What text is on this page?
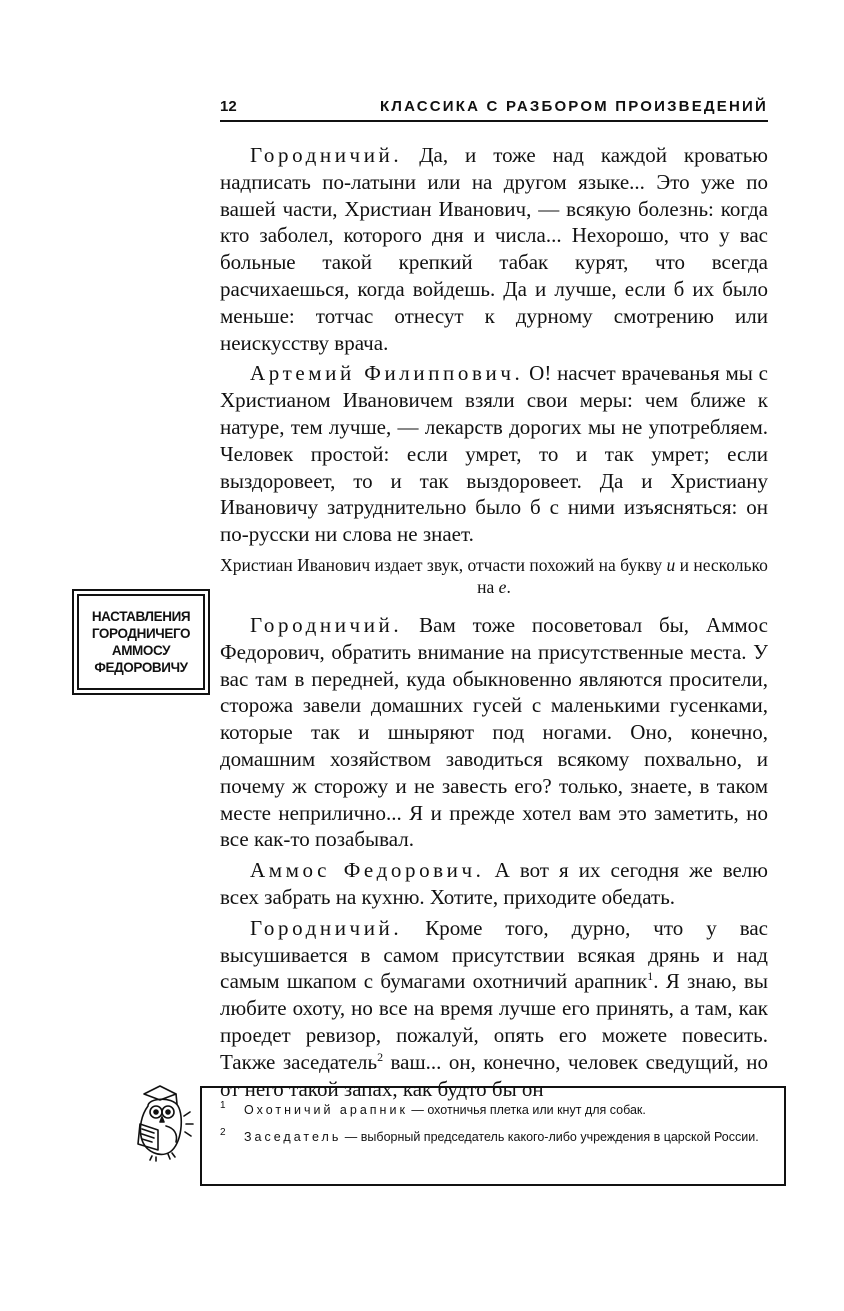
12	КЛАССИКА С РАЗБОРОМ ПРОИЗВЕДЕНИЙ

Городничий. Да, и тоже над каждой кроватью надписать по-латыни или на другом языке... Это уже по вашей части, Христиан Иванович, — всякую болезнь: когда кто заболел, которого дня и числа... Нехорошо, что у вас больные такой крепкий табак курят, что всегда расчихаешься, когда войдешь. Да и лучше, если б их было меньше: тотчас отнесут к дурному смотрению или неискусству врача.

Артемий Филиппович. О! насчет врачеванья мы с Христианом Ивановичем взяли свои меры: чем ближе к натуре, тем лучше, — лекарств дорогих мы не употребляем. Человек простой: если умрет, то и так умрет; если выздоровеет, то и так выздоровеет. Да и Христиану Ивановичу затруднительно было б с ними изъясняться: он по-русски ни слова не знает.

Христиан Иванович издает звук, отчасти похожий на букву и и несколько на е.

Городничий. Вам тоже посоветовал бы, Аммос Федорович, обратить внимание на присутственные места. У вас там в передней, куда обыкновенно являются просители, сторожа завели домашних гусей с маленькими гусенками, которые так и шныряют под ногами. Оно, конечно, домашним хозяйством заводиться всякому похвально, и почему ж сторожу и не завесть его? только, знаете, в таком месте неприлично... Я и прежде хотел вам это заметить, но все как-то позабывал.

Аммос Федорович. А вот я их сегодня же велю всех забрать на кухню. Хотите, приходите обедать.

Городничий. Кроме того, дурно, что у вас высушивается в самом присутствии всякая дрянь и над самым шкапом с бумагами охотничий арапник$^1$. Я знаю, вы любите охоту, но все на время лучше его принять, а там, как проедет ревизор, пожалуй, опять его можете повесить. Также заседатель$^2$ ваш... он, конечно, человек сведущий, но от него такой запах, как будто бы он

НАСТАВЛЕНИЯ
ГОРОДНИЧЕГО
АММОСУ
ФЕДОРОВИЧУ
1 Охотничий арапник — охотничья плетка или кнут для собак.
2 Заседатель — выборный председатель какого-либо учреждения в царской России.
